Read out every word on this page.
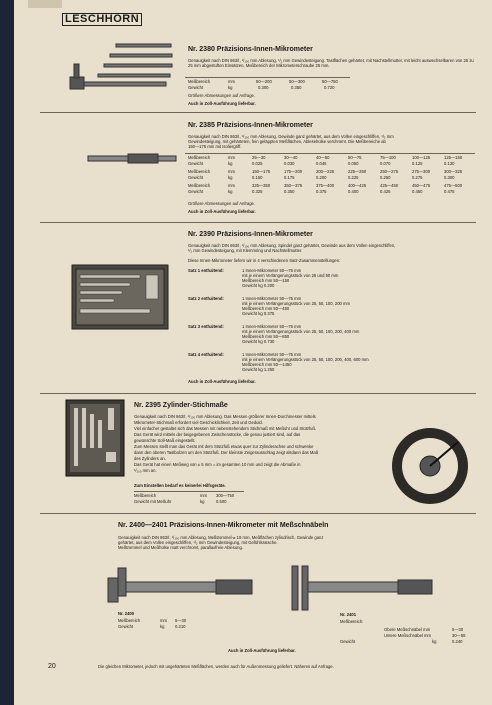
LESCHHORN
Nr. 2380 Präzisions-Innen-Mikrometer
Genauigkeit nach DIN 863/I, ¹/₁₀₀ mm Ablesung, ¹/₂ mm Gewindesteigung. Tastflächen gehärtet, mit Nachstellmutter, mit leicht auswechselbaren von 25 zu 25 mm abgestuften Einsätzen, Meßbereich der Mikrometerschraube 25 mm.
Meßbereich	mm	50—200	50—300	50—750
Gewicht	kg	0.300	0.350	0.720
Größere Abmessungen auf Anfrage.
Auch in Zoll-Ausführung lieferbar.
Nr. 2385 Präzisions-Innen-Mikrometer
Genauigkeit nach DIN 863/I, ¹/₁₀₀ mm Ablesung, Gewinde ganz gehärtet, aus dem Vollen eingeschliffen, ¹/₂ mm
Gewindesteigung, mit gehärteten, fein geläppten Meßflächen, Ablesehülse verchromt. Die Meßbereiche ab
150—175 mm mit Isoliergriff.
Meßbereich	mm	25—30	30—40	40—50	50—75	75—100	100—125	125—150
Gewicht	kg	0.025	0.030	0.045	0.050	0.070	0.125	0.130
Meßbereich	mm	150—175	175—200	200—225	225—250	250—275	275—300	300—325
Gewicht	kg	0.150	0.175	0.200	0.225	0.250	0.275	0.300
Meßbereich	mm	325—350	350—375	375—400	400—425	425—450	450—475	475—500
Gewicht	kg	0.325	0.350	0.375	0.400	0.425	0.450	0.475
Größere Abmessungen auf Anfrage.
Auch in Zoll-Ausführung lieferbar.
Nr. 2390 Präzisions-Innen-Mikrometer
Genauigkeit nach DIN 863/I, ¹/₁₀₀ mm Ablesung, Spindel ganz gehärtet, Gewinde aus dem Vollen eingeschliffen,
¹/₂ mm Gewindesteigung, mit Klemmring und Nachstellmutter.
Diese Innen-Mikrometer liefern wir in 4 verschiedenen Satz-Zusammenstellungen:
Satz 1 enthaltend:	1 Innen-Mikrometer 50—75 mm
mit je einem Verlängerungsstück von 25 und 50 mm
Meßbereich mm 50—150
Gewicht kg 0.200
Satz 2 enthaltend:	1 Innen-Mikrometer 50—75 mm
mit je einem Verlängerungsstück von 25, 50, 100, 200 mm
Meßbereich mm 50—450
Gewicht kg 0.375
Satz 3 enthaltend:	1 Innen-Mikrometer 50—75 mm
mit je einem Verlängerungsstück von 25, 50, 100, 200, 400 mm
Meßbereich mm 50—850
Gewicht kg 0.730
Satz 4 enthaltend:	1 Innen-Mikrometer 50—75 mm
mit je einem Verlängerungsstück von 25, 50, 100, 200, 400, 600 mm
Meßbereich mm 50—1450
Gewicht kg 1.250
Auch in Zoll-Ausführung lieferbar.
Nr. 2395 Zylinder-Stichmaße
Genauigkeit nach DIN 863/I, ¹/₁₀₀ mm Ablesung. Das Messen größerer Innen-Durchmesser mittels
Mikrometer-Stichmaß erfordert viel Geschicklichkeit, Zeit und Geduld.
Viel einfacher gestaltet sich das Messen mit nebenstehendem Stichmaß mit Meßuhr und Stützfuß.
Das Gerät wird mittels der beigegebenen Zwischenstücke, die genau justiert sind, auf das
gewünschte Soll-Maß eingestellt.
Zum Messen stellt man das Gerät mit dem Stützfuß etwas quer zur Zylinderachse und schwenke
dann den oberen Tastbolzen um den Stützfuß. Der kleinste Zeigerausschlag zeigt alsdann das Maß
des Zylinders an.
Das Gerät hat einen Meßweg von ± 5 mm = im gesamten 10 mm und zeigt die Abmaße in
¹/₁₀₀ mm an.
Zum Einstellen bedarf es keinerlei Hilfsgeräte.
Meßbereich	mm 300—750
Gewicht mit Meßuhr	kg	0.500
Nr. 2400—2401 Präzisions-Innen-Mikrometer mit Meßschnäbeln
Genauigkeit nach DIN 863/I, ¹/₁₀₀ mm Ablesung, Meßtrommel-⌀ 19 mm, Meßflächen zylindrisch, Gewinde ganz
gehärtet, aus dem Vollen eingeschliffen, ¹/₂ mm Gewindesteigung, mit Gefühlsratsche.
Meßtrommel und Meßhülse matt verchromt, parallaxfreie Ablesung.
Nr. 2400
Meßbereich	mm 5—30
Gewicht	kg	0.210
Nr. 2401
Meßbereich:
Obere Meßschnäbel mm	5—30
Untere Meßschnäbel mm	30—55
Gewicht	kg	0.240
Auch in Zoll-Ausführung lieferbar.
20	Die gleichen Mikrometer, jedoch mit ungehärteten Meßflächen, werden auch für Außenmessung geliefert. Näheres auf Anfrage.
